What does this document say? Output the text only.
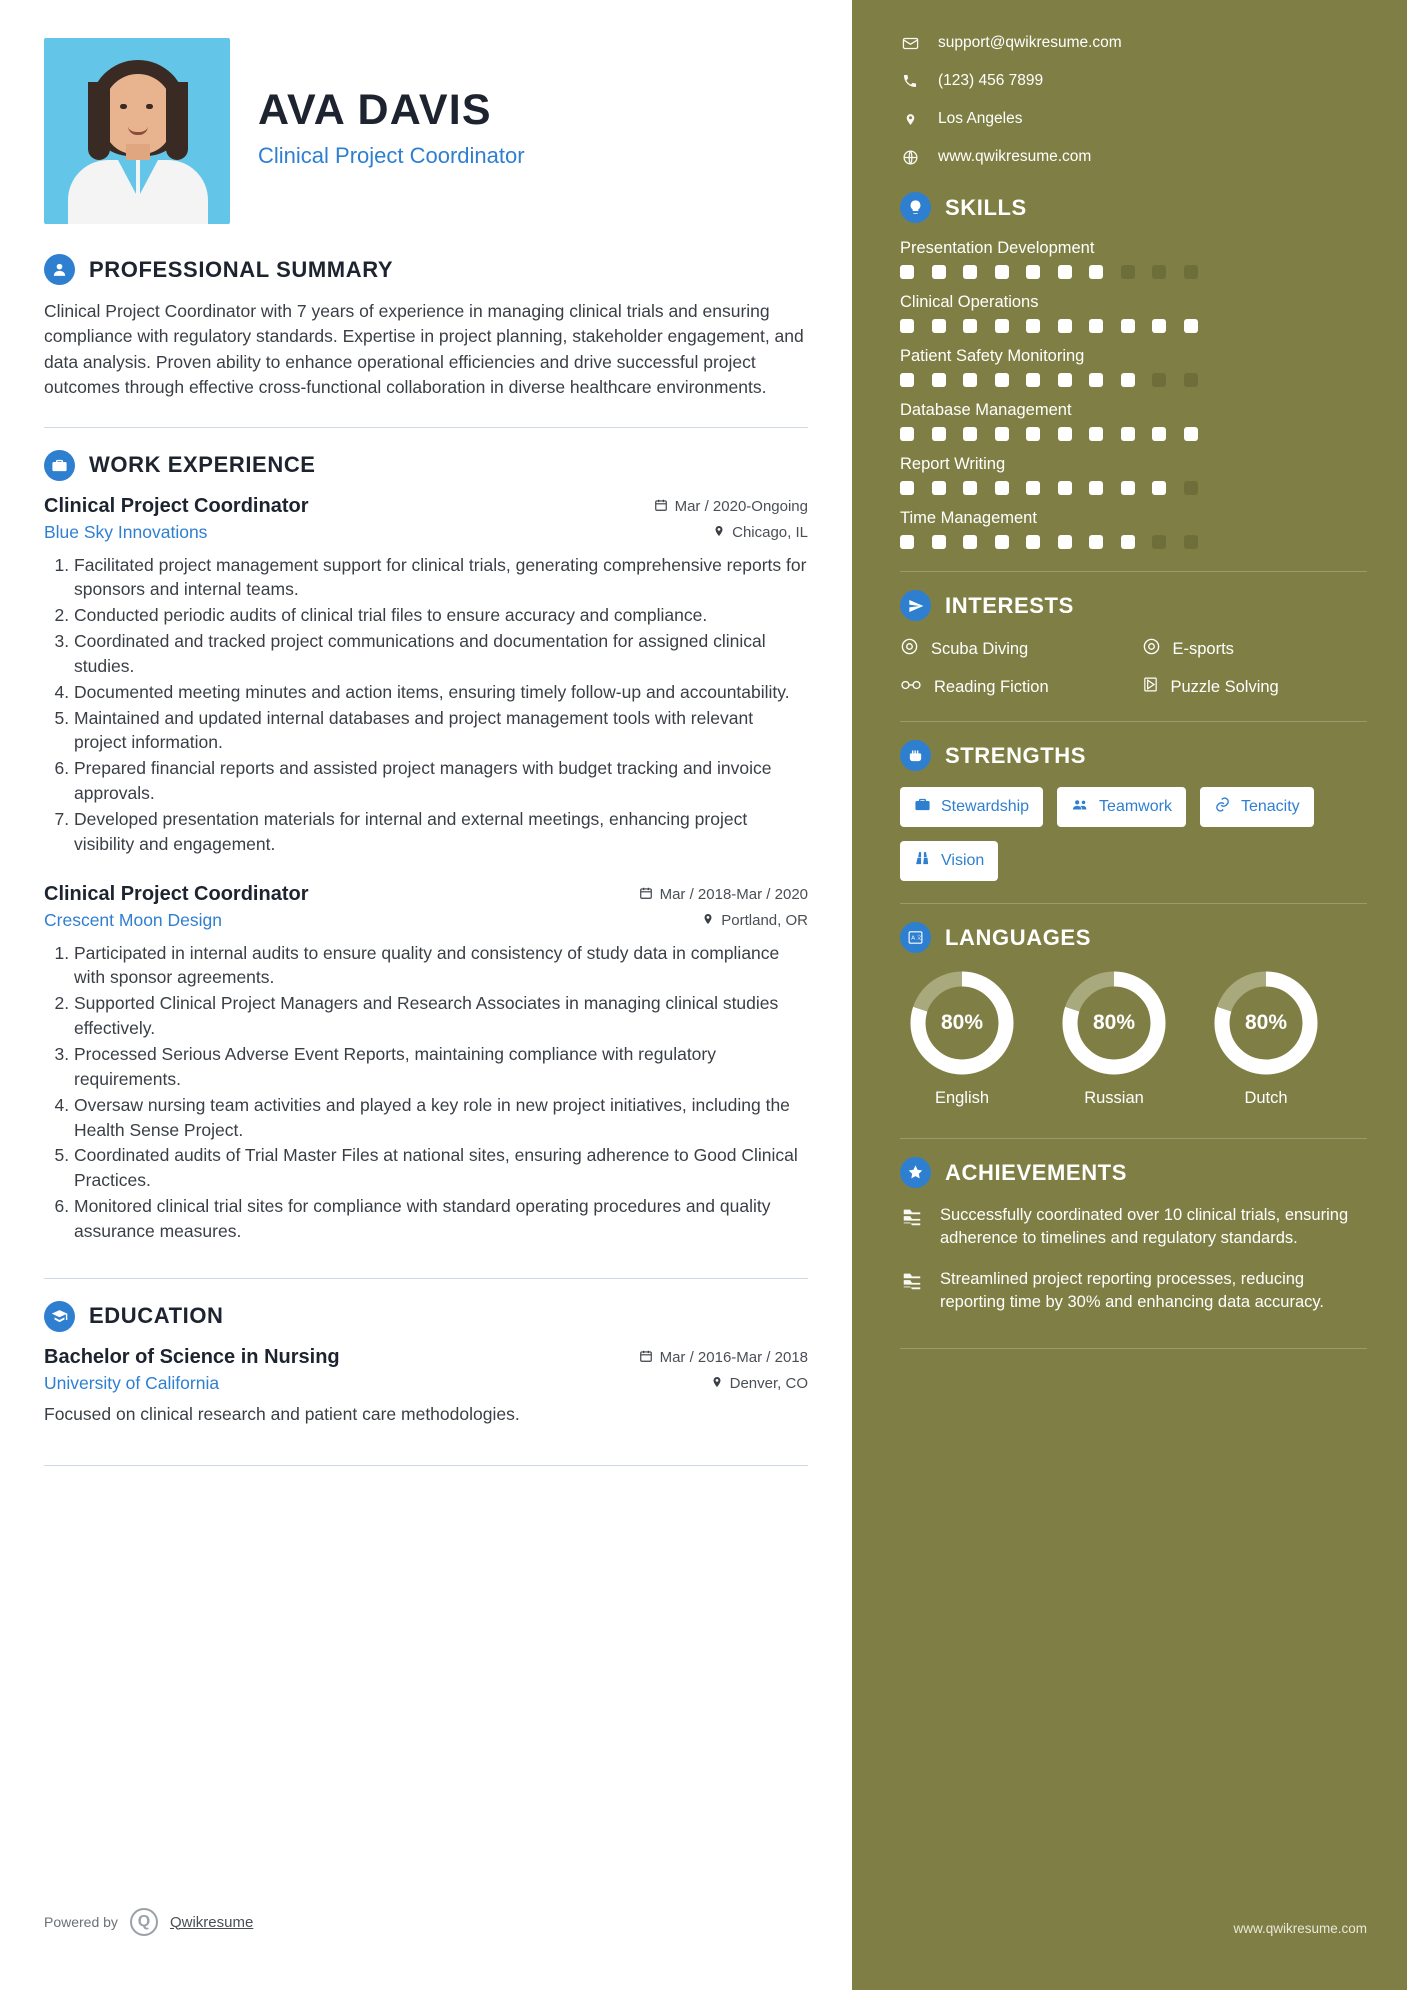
AVA DAVIS
Clinical Project Coordinator
PROFESSIONAL SUMMARY
Clinical Project Coordinator with 7 years of experience in managing clinical trials and ensuring compliance with regulatory standards. Expertise in project planning, stakeholder engagement, and data analysis. Proven ability to enhance operational efficiencies and drive successful project outcomes through effective cross-functional collaboration in diverse healthcare environments.
WORK EXPERIENCE
Clinical Project Coordinator	Mar / 2020-Ongoing
Blue Sky Innovations	Chicago, IL
1. Facilitated project management support for clinical trials, generating comprehensive reports for sponsors and internal teams.
2. Conducted periodic audits of clinical trial files to ensure accuracy and compliance.
3. Coordinated and tracked project communications and documentation for assigned clinical studies.
4. Documented meeting minutes and action items, ensuring timely follow-up and accountability.
5. Maintained and updated internal databases and project management tools with relevant project information.
6. Prepared financial reports and assisted project managers with budget tracking and invoice approvals.
7. Developed presentation materials for internal and external meetings, enhancing project visibility and engagement.
Clinical Project Coordinator	Mar / 2018-Mar / 2020
Crescent Moon Design	Portland, OR
1. Participated in internal audits to ensure quality and consistency of study data in compliance with sponsor agreements.
2. Supported Clinical Project Managers and Research Associates in managing clinical studies effectively.
3. Processed Serious Adverse Event Reports, maintaining compliance with regulatory requirements.
4. Oversaw nursing team activities and played a key role in new project initiatives, including the Health Sense Project.
5. Coordinated audits of Trial Master Files at national sites, ensuring adherence to Good Clinical Practices.
6. Monitored clinical trial sites for compliance with standard operating procedures and quality assurance measures.
EDUCATION
Bachelor of Science in Nursing	Mar / 2016-Mar / 2018
University of California	Denver, CO
Focused on clinical research and patient care methodologies.
Powered by	Q	Qwikresume
support@qwikresume.com
(123) 456 7899
Los Angeles
www.qwikresume.com
SKILLS
Presentation Development
Clinical Operations
Patient Safety Monitoring
Database Management
Report Writing
Time Management
INTERESTS
Scuba Diving	E-sports
Reading Fiction	Puzzle Solving
STRENGTHS
Stewardship	Teamwork	Tenacity
Vision
A 文 LANGUAGES
80%
English
80%
Russian
80%
Dutch
ACHIEVEMENTS
Successfully coordinated over 10 clinical trials, ensuring adherence to timelines and regulatory standards.
Streamlined project reporting processes, reducing reporting time by 30% and enhancing data accuracy.
www.qwikresume.com
